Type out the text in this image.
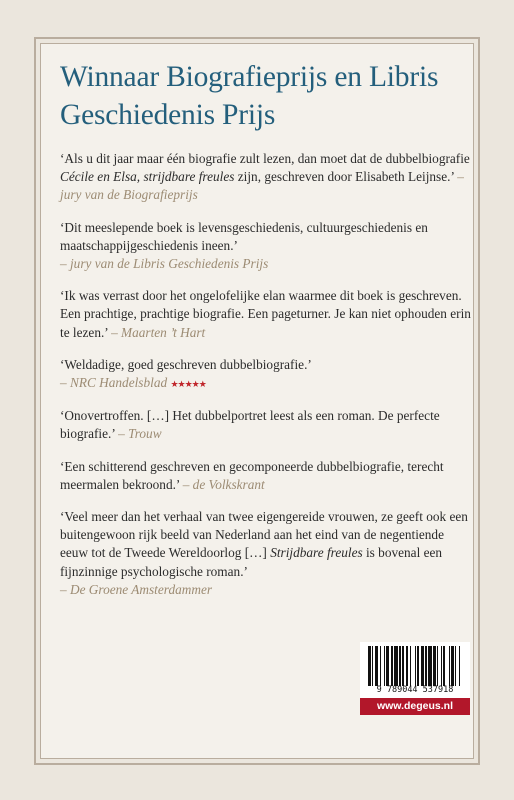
Winnaar Biografieprijs en Libris Geschiedenis Prijs

‘Als u dit jaar maar één biografie zult lezen, dan moet dat de dubbelbiografie Cécile en Elsa, strijdbare freules zijn, geschreven door Elisabeth Leijnse.’ – jury van de Biografieprijs

‘Dit meeslepende boek is levensgeschiedenis, cultuurgeschiedenis en maatschappijgeschiedenis ineen.’
– jury van de Libris Geschiedenis Prijs

‘Ik was verrast door het ongelofelijke elan waarmee dit boek is geschreven. Een prachtige, prachtige biografie. Een pageturner. Je kan niet ophouden erin te lezen.’ – Maarten ’t Hart

‘Weldadige, goed geschreven dubbelbiografie.’
– NRC Handelsblad ★★★★★

‘Onovertroffen. […] Het dubbelportret leest als een roman. De perfecte biografie.’ – Trouw

‘Een schitterend geschreven en gecomponeerde dubbelbiografie, terecht meermalen bekroond.’ – de Volkskrant

‘Veel meer dan het verhaal van twee eigengereide vrouwen, ze geeft ook een buitengewoon rijk beeld van Nederland aan het eind van de negentiende eeuw tot de Tweede Wereldoorlog […] Strijdbare freules is bovenal een fijnzinnige psychologische roman.’
– De Groene Amsterdammer

9 789044 537918
www.degeus.nl
